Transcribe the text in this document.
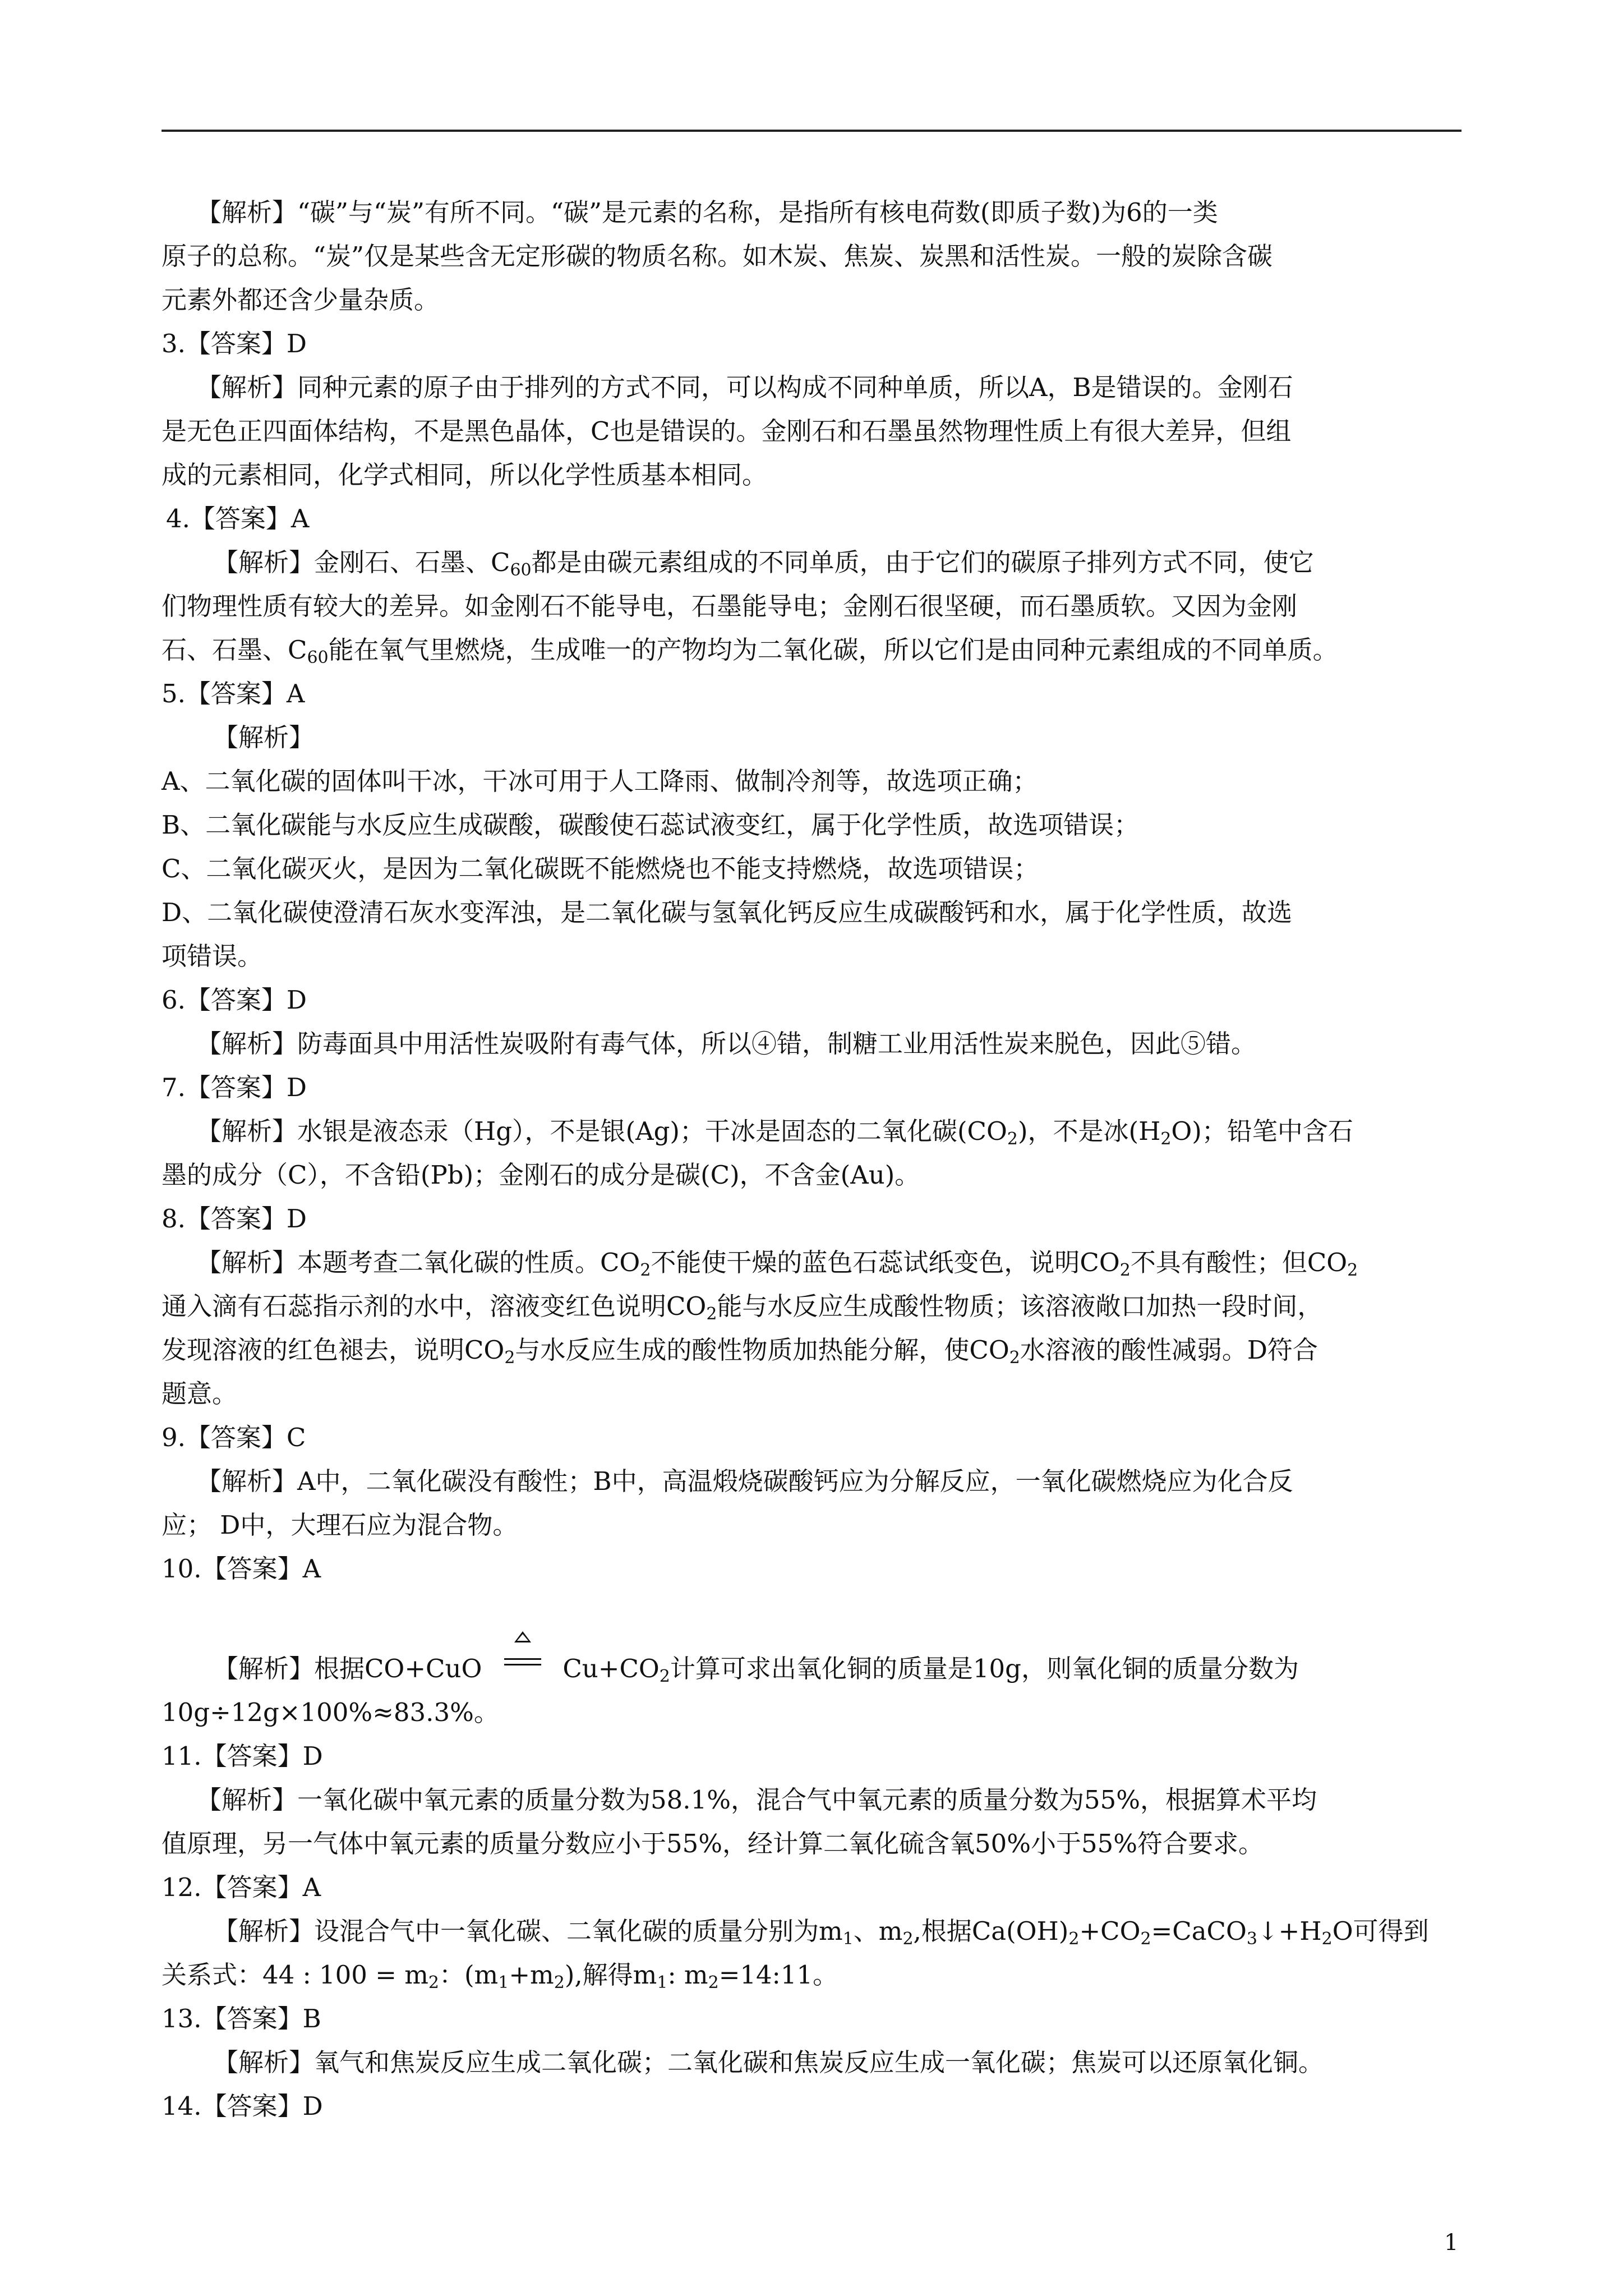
【解析】“碳”与“炭”有所不同。“碳”是元素的名称，是指所有核电荷数(即质子数)为6的一类
原子的总称。“炭”仅是某些含无定形碳的物质名称。如木炭、焦炭、炭黑和活性炭。一般的炭除含碳
元素外都还含少量杂质。
3.【答案】D
【解析】同种元素的原子由于排列的方式不同，可以构成不同种单质，所以A，B是错误的。金刚石
是无色正四面体结构，不是黑色晶体，C也是错误的。金刚石和石墨虽然物理性质上有很大差异，但组
成的元素相同，化学式相同，所以化学性质基本相同。
4.【答案】A
【解析】金刚石、石墨、$C_{60}$都是由碳元素组成的不同单质，由于它们的碳原子排列方式不同，使它
们物理性质有较大的差异。如金刚石不能导电，石墨能导电；金刚石很坚硬，而石墨质软。又因为金刚
石、石墨、$C_{60}$能在氧气里燃烧，生成唯一的产物均为二氧化碳，所以它们是由同种元素组成的不同单质。
5.【答案】A
【解析】
A、二氧化碳的固体叫干冰，干冰可用于人工降雨、做制冷剂等，故选项正确；
B、二氧化碳能与水反应生成碳酸，碳酸使石蕊试液变红，属于化学性质，故选项错误；
C、二氧化碳灭火，是因为二氧化碳既不能燃烧也不能支持燃烧，故选项错误；
D、二氧化碳使澄清石灰水变浑浊，是二氧化碳与氢氧化钙反应生成碳酸钙和水，属于化学性质，故选
项错误。
6.【答案】D
【解析】防毒面具中用活性炭吸附有毒气体，所以④错，制糖工业用活性炭来脱色，因此⑤错。
7.【答案】D
【解析】水银是液态汞（Hg），不是银(Ag)；干冰是固态的二氧化碳$(CO_2)$，不是冰$(H_2O)$；铅笔中含石
墨的成分（C），不含铅(Pb)；金刚石的成分是碳(C)，不含金(Au)。
8.【答案】D
【解析】本题考查二氧化碳的性质。$CO_2$不能使干燥的蓝色石蕊试纸变色，说明$CO_2$不具有酸性；但$CO_2$
通入滴有石蕊指示剂的水中，溶液变红色说明$CO_2$能与水反应生成酸性物质；该溶液敞口加热一段时间，
发现溶液的红色褪去，说明$CO_2$与水反应生成的酸性物质加热能分解，使$CO_2$水溶液的酸性减弱。D符合
题意。
9.【答案】C
【解析】A中，二氧化碳没有酸性；B中，高温煅烧碳酸钙应为分解反应，一氧化碳燃烧应为化合反
应； D中，大理石应为混合物。
10.【答案】A
【解析】根据CO+CuO	$Cu+CO_2$计算可求出氧化铜的质量是10g，则氧化铜的质量分数为
10g÷12g×100%≈83.3%。
11.【答案】D
【解析】一氧化碳中氧元素的质量分数为58.1%，混合气中氧元素的质量分数为55%，根据算术平均
值原理，另一气体中氧元素的质量分数应小于55%，经计算二氧化硫含氧50%小于55%符合要求。
12.【答案】A
【解析】设混合气中一氧化碳、二氧化碳的质量分别为$m_1$、$m_2$,根据$Ca(OH)_2+CO_2=CaCO_3↓+H_2O$可得到
关系式：44 : $100 = m_2$：$(m_1+m_2)$,解得$m_1$: $m_2=14:11$。
13.【答案】B
【解析】氧气和焦炭反应生成二氧化碳；二氧化碳和焦炭反应生成一氧化碳；焦炭可以还原氧化铜。
14.【答案】D
1
